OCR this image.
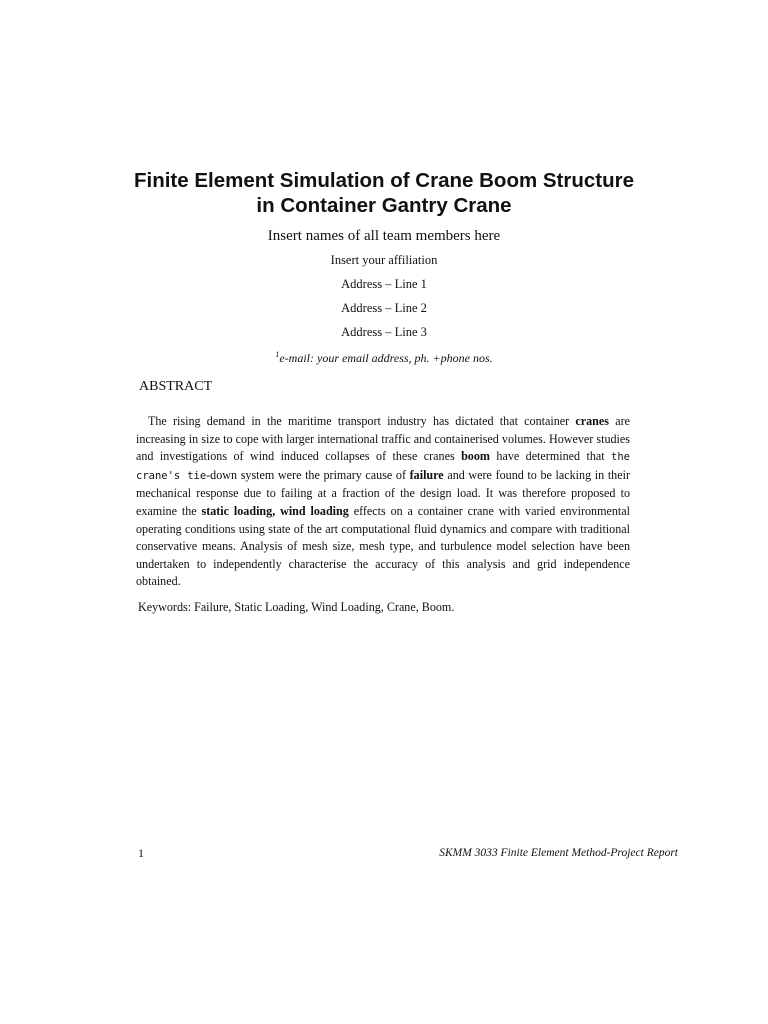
Finite Element Simulation of Crane Boom Structure
in Container Gantry Crane
Insert names of all team members here
Insert your affiliation
Address – Line 1
Address – Line 2
Address – Line 3
$^1$e-mail: your email address, ph. +phone nos.
ABSTRACT

The rising demand in the maritime transport industry has dictated that container cranes are increasing in size to cope with larger international traffic and containerised volumes. However studies and investigations of wind induced collapses of these cranes boom have determined that the crane's tie-down system were the primary cause of failure and were found to be lacking in their mechanical response due to failing at a fraction of the design load. It was therefore proposed to examine the static loading, wind loading effects on a container crane with varied environmental operating conditions using state of the art computational fluid dynamics and compare with traditional conservative means. Analysis of mesh size, mesh type, and turbulence model selection have been undertaken to independently characterise the accuracy of this analysis and grid independence obtained.

Keywords: Failure, Static Loading, Wind Loading, Crane, Boom.
1	SKMM 3033 Finite Element Method-Project Report
